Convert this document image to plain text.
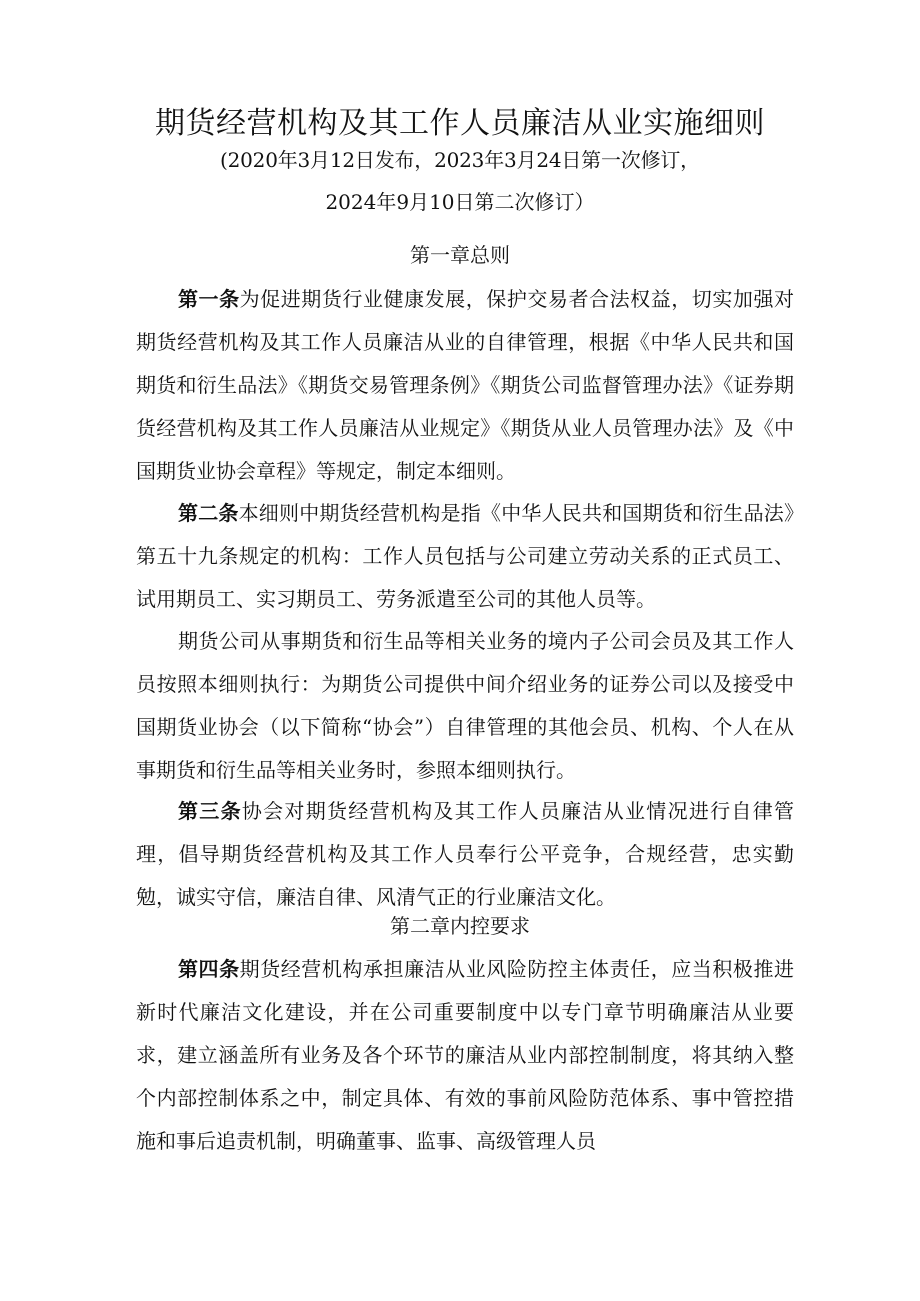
期货经营机构及其工作人员廉洁从业实施细则
(2020年3月12日发布，2023年3月24日第一次修订，
2024年9月10日第二次修订）
第一章总则

第一条为促进期货行业健康发展，保护交易者合法权益，切实加强对期货经营机构及其工作人员廉洁从业的自律管理，根据《中华人民共和国期货和衍生品法》《期货交易管理条例》《期货公司监督管理办法》《证券期货经营机构及其工作人员廉洁从业规定》《期货从业人员管理办法》及《中国期货业协会章程》等规定，制定本细则。

第二条本细则中期货经营机构是指《中华人民共和国期货和衍生品法》第五十九条规定的机构：工作人员包括与公司建立劳动关系的正式员工、试用期员工、实习期员工、劳务派遣至公司的其他人员等。

期货公司从事期货和衍生品等相关业务的境内子公司会员及其工作人员按照本细则执行：为期货公司提供中间介绍业务的证券公司以及接受中国期货业协会（以下简称“协会”）自律管理的其他会员、机构、个人在从事期货和衍生品等相关业务时，参照本细则执行。

第三条协会对期货经营机构及其工作人员廉洁从业情况进行自律管理，倡导期货经营机构及其工作人员奉行公平竞争，合规经营，忠实勤勉，诚实守信，廉洁自律、风清气正的行业廉洁文化。

第二章内控要求

第四条期货经营机构承担廉洁从业风险防控主体责任，应当积极推进新时代廉洁文化建设，并在公司重要制度中以专门章节明确廉洁从业要求，建立涵盖所有业务及各个环节的廉洁从业内部控制制度，将其纳入整个内部控制体系之中，制定具体、有效的事前风险防范体系、事中管控措施和事后追责机制，明确董事、监事、高级管理人员
